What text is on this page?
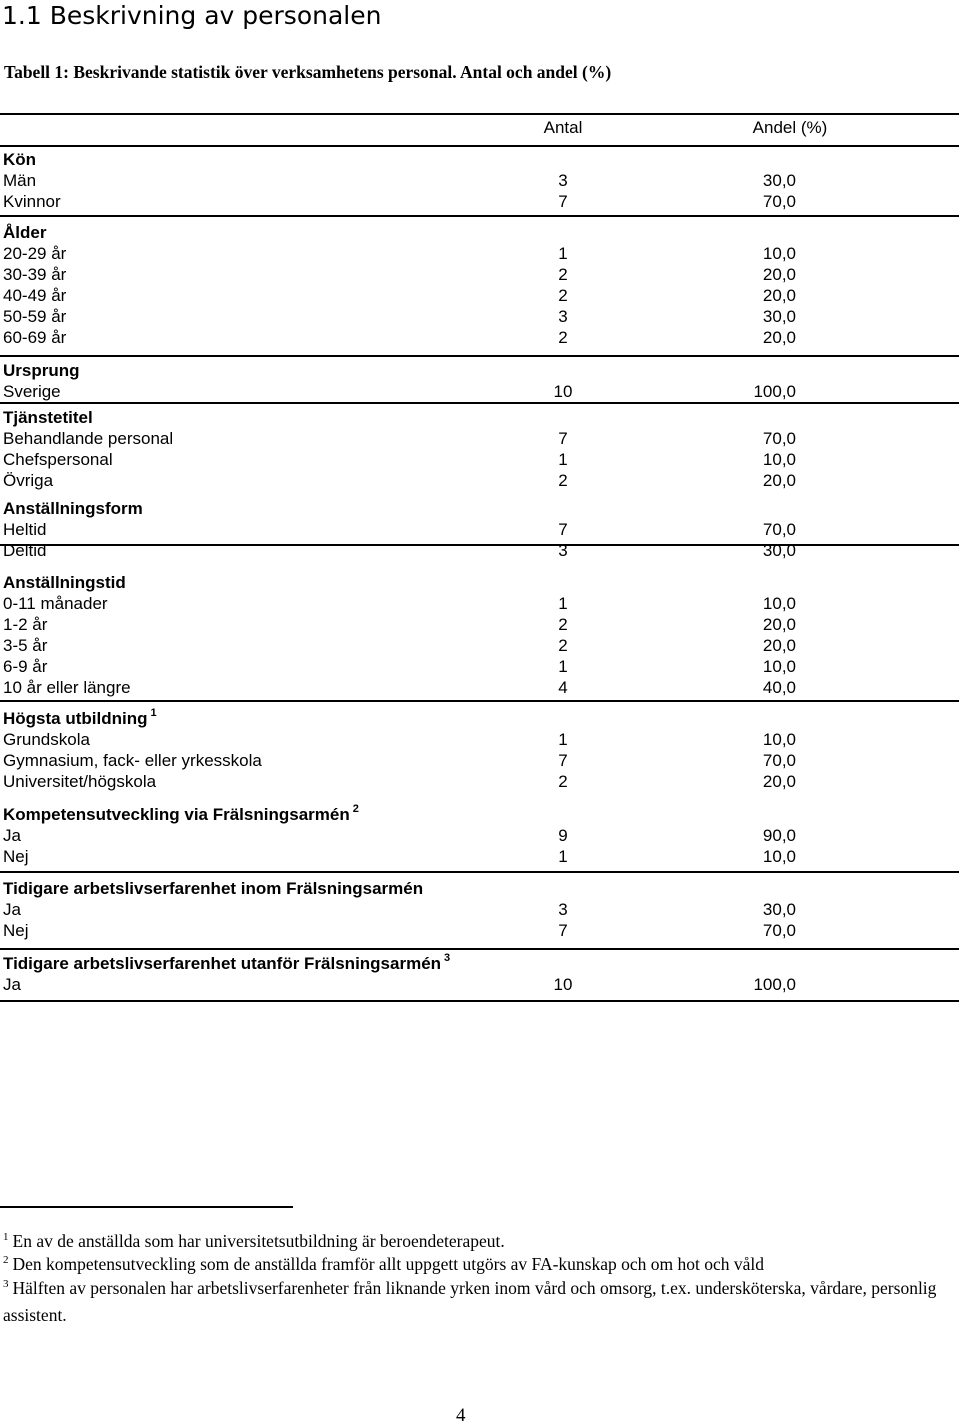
1.1 Beskrivning av personalen
Tabell 1: Beskrivande statistik över verksamhetens personal. Antal och andel (%)
Antal	Andel (%)
Kön
Män	3	30,0
Kvinnor	7	70,0
Ålder
20-29 år	1	10,0
30-39 år	2	20,0
40-49 år	2	20,0
50-59 år	3	30,0
60-69 år	2	20,0
Ursprung
Sverige	10	100,0
Tjänstetitel
Behandlande personal	7	70,0
Chefspersonal	1	10,0
Övriga	2	20,0
Anställningsform
Heltid	7	70,0
Deltid	3	30,0
Anställningstid
0-11 månader	1	10,0
1-2 år	2	20,0
3-5 år	2	20,0
6-9 år	1	10,0
10 år eller längre	4	40,0
Högsta utbildning $^1$
Grundskola	1	10,0
Gymnasium, fack- eller yrkesskola	7	70,0
Universitet/högskola	2	20,0
Kompetensutveckling via Frälsningsarmén $^2$
Ja	9	90,0
Nej	1	10,0
Tidigare arbetslivserfarenhet inom Frälsningsarmén
Ja	3	30,0
Nej	7	70,0
Tidigare arbetslivserfarenhet utanför Frälsningsarmén $^3$
Ja	10	100,0
$^1$ En av de anställda som har universitetsutbildning är beroendeterapeut.
$^2$ Den kompetensutveckling som de anställda framför allt uppgett utgörs av FA-kunskap och om hot och våld
$^3$ Hälften av personalen har arbetslivserfarenheter från liknande yrken inom vård och omsorg, t.ex. undersköterska, vårdare, personlig assistent.
4
